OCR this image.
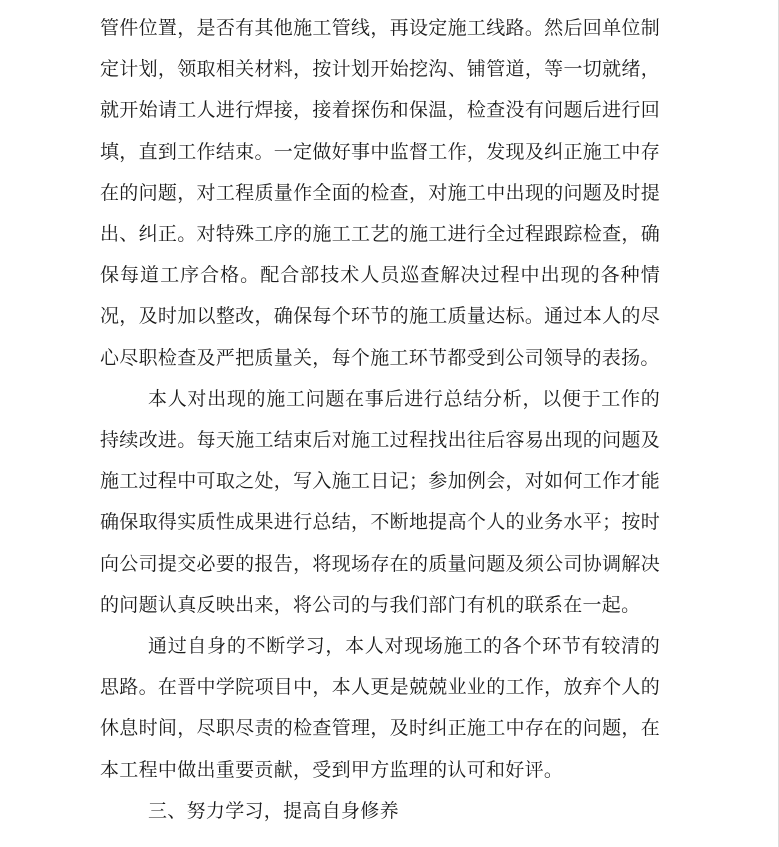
管件位置，是否有其他施工管线，再设定施工线路。然后回单位制定计划，领取相关材料，按计划开始挖沟、铺管道，等一切就绪，就开始请工人进行焊接，接着探伤和保温，检查没有问题后进行回填，直到工作结束。一定做好事中监督工作，发现及纠正施工中存在的问题，对工程质量作全面的检查，对施工中出现的问题及时提出、纠正。对特殊工序的施工工艺的施工进行全过程跟踪检查，确保每道工序合格。配合部技术人员巡查解决过程中出现的各种情况，及时加以整改，确保每个环节的施工质量达标。通过本人的尽心尽职检查及严把质量关，每个施工环节都受到公司领导的表扬。

本人对出现的施工问题在事后进行总结分析，以便于工作的持续改进。每天施工结束后对施工过程找出往后容易出现的问题及施工过程中可取之处，写入施工日记；参加例会，对如何工作才能确保取得实质性成果进行总结，不断地提高个人的业务水平；按时向公司提交必要的报告，将现场存在的质量问题及须公司协调解决的问题认真反映出来，将公司的与我们部门有机的联系在一起。

通过自身的不断学习，本人对现场施工的各个环节有较清的思路。在晋中学院项目中，本人更是兢兢业业的工作，放弃个人的休息时间，尽职尽责的检查管理，及时纠正施工中存在的问题，在本工程中做出重要贡献，受到甲方监理的认可和好评。

三、努力学习，提高自身修养
